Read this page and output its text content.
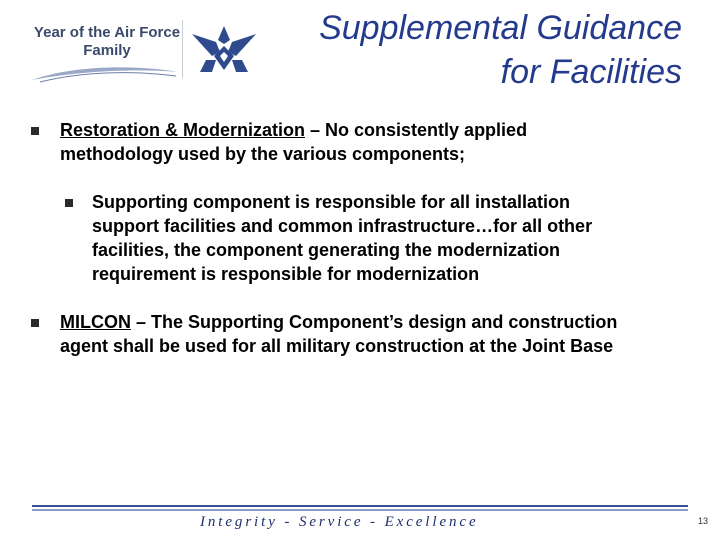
Year of the Air Force
Family
Supplemental Guidance
for Facilities
Restoration & Modernization – No consistently applied
methodology used by the various components;
Supporting component is responsible for all installation
support facilities and common infrastructure…for all other
facilities, the component generating the modernization
requirement is responsible for modernization
MILCON – The Supporting Component’s design and construction
agent shall be used for all military construction at the Joint Base
Integrity - Service - Excellence	13
